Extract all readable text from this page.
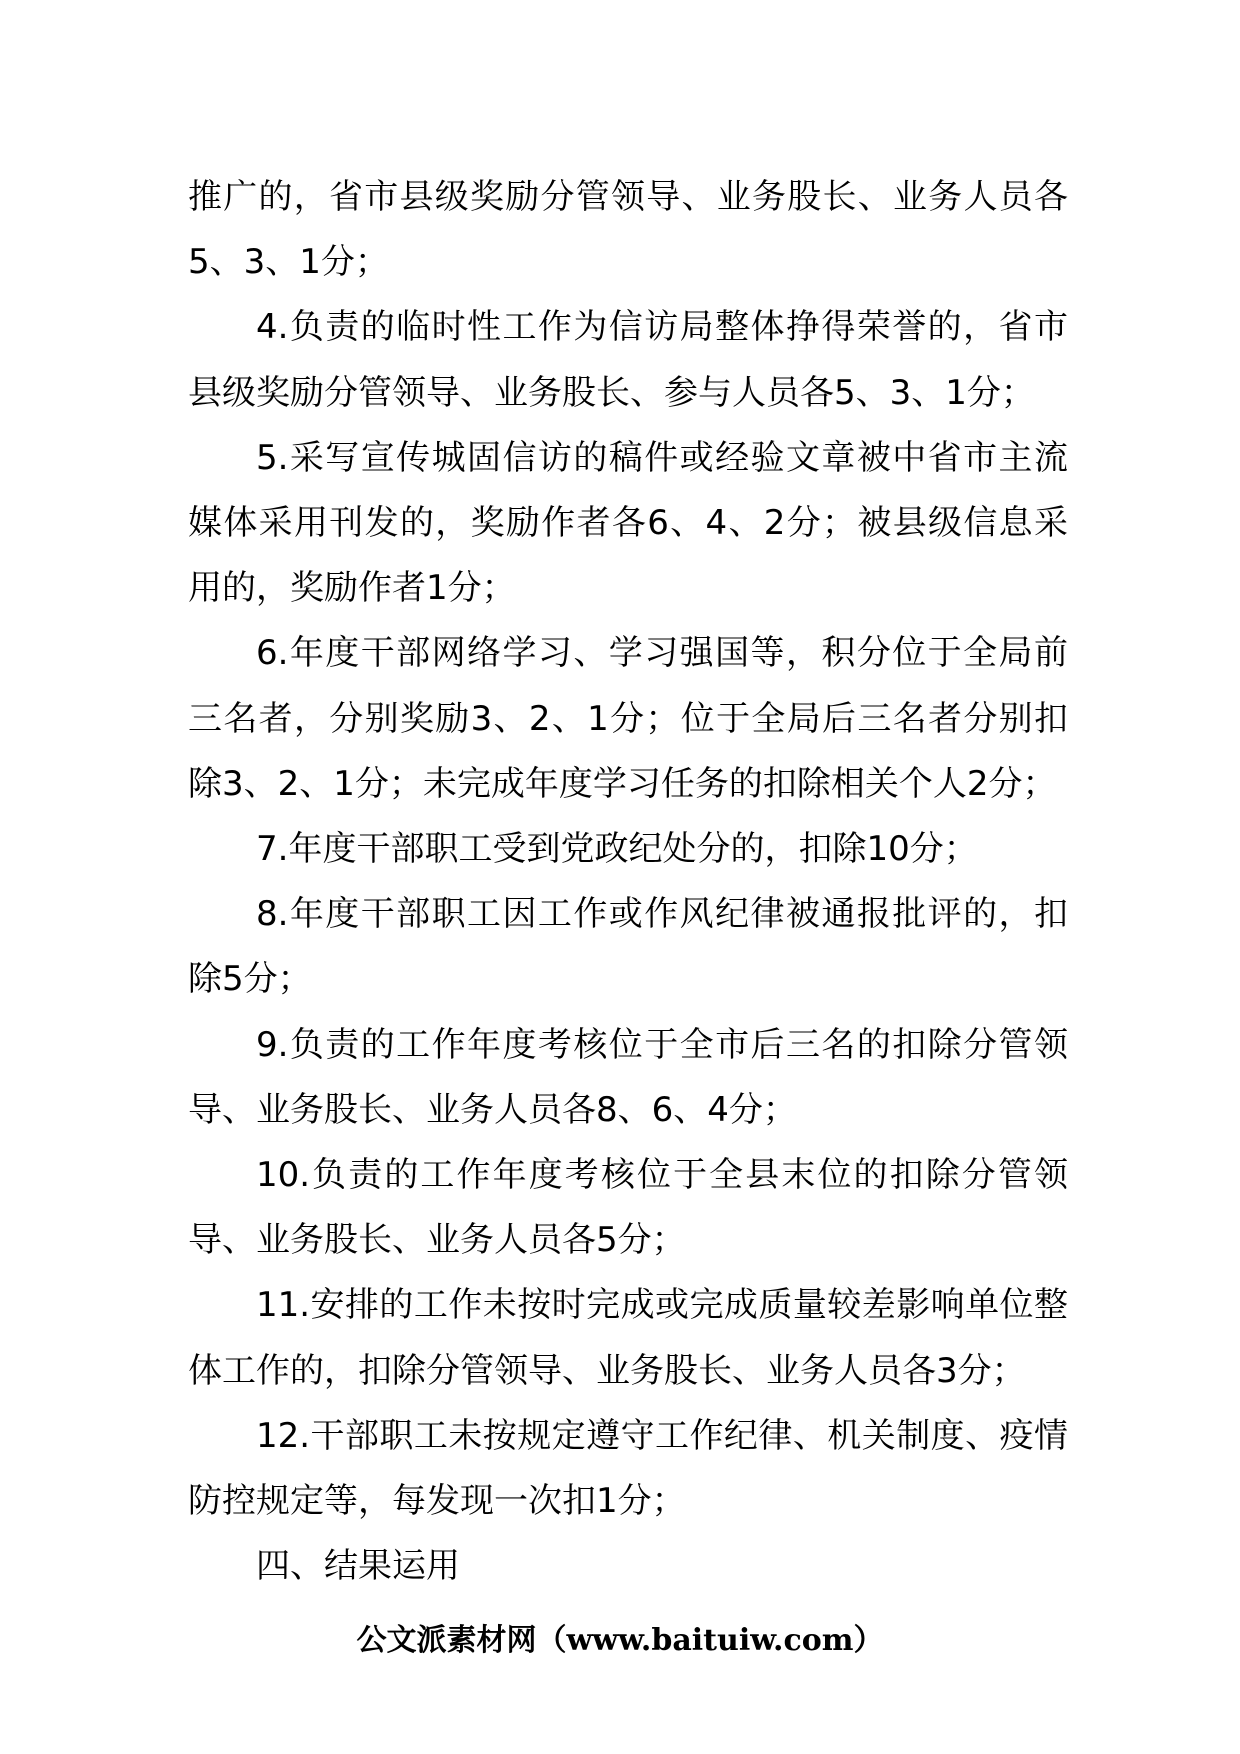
推广的，省市县级奖励分管领导、业务股长、业务人员各5、3、1分；

4.负责的临时性工作为信访局整体挣得荣誉的，省市县级奖励分管领导、业务股长、参与人员各5、3、1分；

5.采写宣传城固信访的稿件或经验文章被中省市主流媒体采用刊发的，奖励作者各6、4、2分；被县级信息采用的，奖励作者1分；

6.年度干部网络学习、学习强国等，积分位于全局前三名者，分别奖励3、2、1分；位于全局后三名者分别扣除3、2、1分；未完成年度学习任务的扣除相关个人2分；

7.年度干部职工受到党政纪处分的，扣除10分；

8.年度干部职工因工作或作风纪律被通报批评的，扣除5分；

9.负责的工作年度考核位于全市后三名的扣除分管领导、业务股长、业务人员各8、6、4分；

10.负责的工作年度考核位于全县末位的扣除分管领导、业务股长、业务人员各5分；

11.安排的工作未按时完成或完成质量较差影响单位整体工作的，扣除分管领导、业务股长、业务人员各3分；

12.干部职工未按规定遵守工作纪律、机关制度、疫情防控规定等，每发现一次扣1分；

四、结果运用

公文派素材网（www.baituiw.com）
